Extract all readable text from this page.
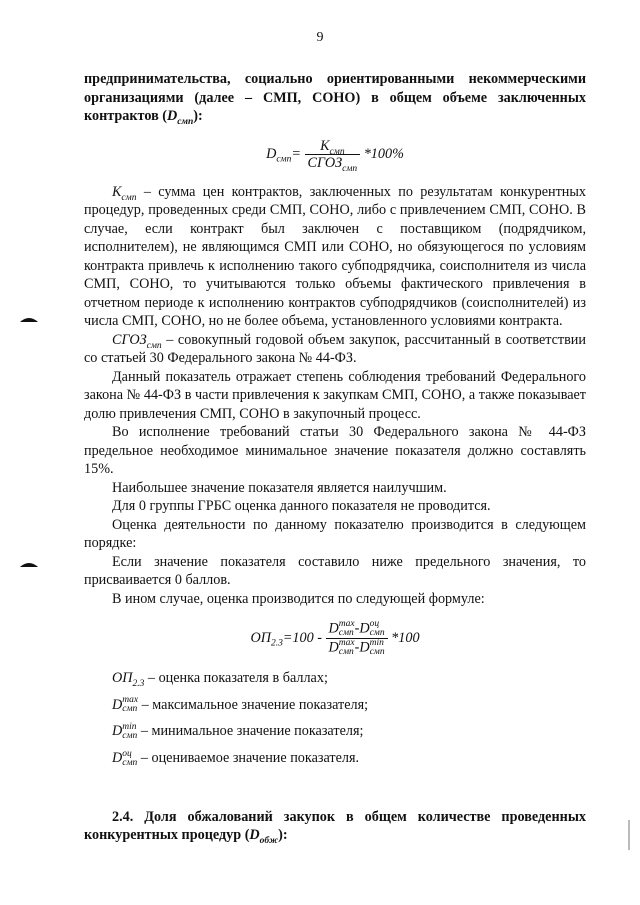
9

предпринимательства, социально ориентированными некоммерческими организациями (далее – СМП, СОНО) в общем объеме заключенных контрактов $(D_{смп})$:

$D_{смп}= \frac{K_{смп}}{СГОЗ_{смп}} *100\%$

$К_{смп}$ – сумма цен контрактов, заключенных по результатам конкурентных процедур, проведенных среди СМП, СОНО, либо с привлечением СМП, СОНО. В случае, если контракт был заключен с поставщиком (подрядчиком, исполнителем), не являющимся СМП или СОНО, но обязующегося по условиям контракта привлечь к исполнению такого субподрядчика, соисполнителя из числа СМП, СОНО, то учитываются только объемы фактического привлечения в отчетном периоде к исполнению контрактов субподрядчиков (соисполнителей) из числа СМП, СОНО, но не более объема, установленного условиями контракта.

$СГОЗ_{смп}$ – совокупный годовой объем закупок, рассчитанный в соответствии со статьей 30 Федерального закона № 44-ФЗ.

Данный показатель отражает степень соблюдения требований Федерального закона № 44-ФЗ в части привлечения к закупкам СМП, СОНО, а также показывает долю привлечения СМП, СОНО в закупочный процесс.

Во исполнение требований статьи 30 Федерального закона № 44-ФЗ предельное необходимое минимальное значение показателя должно составлять 15%.

Наибольшее значение показателя является наилучшим.

Для 0 группы ГРБС оценка данного показателя не проводится.

Оценка деятельности по данному показателю производится в следующем порядке:

Если значение показателя составило ниже предельного значения, то присваивается 0 баллов.

В ином случае, оценка производится по следующей формуле:

$ОП_{2.3}=100 - D$ max
смп -D оц
смп
D max
смп -D min
смп *100

$ОП_{2.3}$ – оценка показателя в баллах;

D max
смп – максимальное значение показателя;

D min
смп – минимальное значение показателя;

D оц
смп – оцениваемое значение показателя.

2.4. Доля обжалований закупок в общем количестве проведенных конкурентных процедур $(D_{обж})$:
